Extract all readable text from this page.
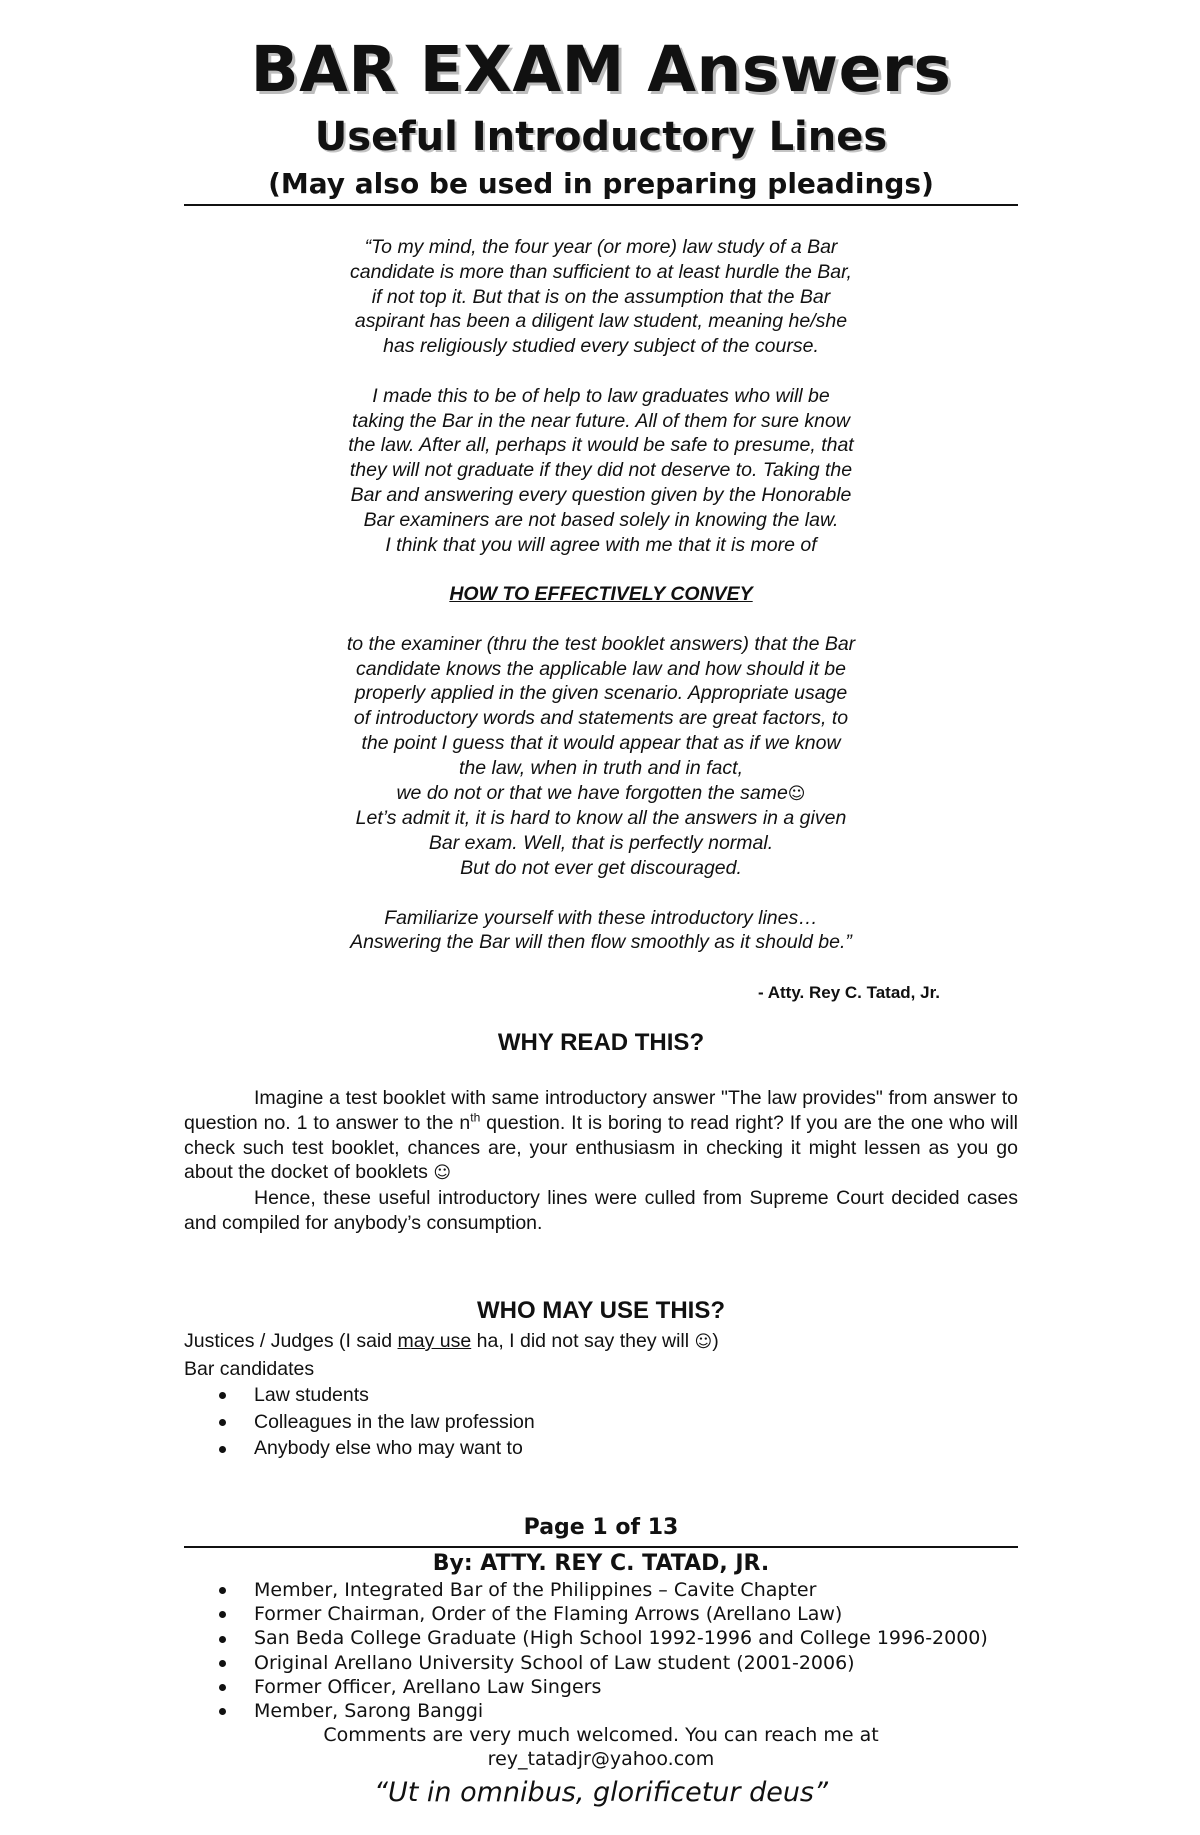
BAR EXAM Answers
Useful Introductory Lines
(May also be used in preparing pleadings)

“To my mind, the four year (or more) law study of a Bar
candidate is more than sufficient to at least hurdle the Bar,
if not top it. But that is on the assumption that the Bar
aspirant has been a diligent law student, meaning he/she
has religiously studied every subject of the course.

I made this to be of help to law graduates who will be
taking the Bar in the near future. All of them for sure know
the law. After all, perhaps it would be safe to presume, that
they will not graduate if they did not deserve to. Taking the
Bar and answering every question given by the Honorable
Bar examiners are not based solely in knowing the law.
I think that you will agree with me that it is more of

HOW TO EFFECTIVELY CONVEY

to the examiner (thru the test booklet answers) that the Bar
candidate knows the applicable law and how should it be
properly applied in the given scenario. Appropriate usage
of introductory words and statements are great factors, to
the point I guess that it would appear that as if we know
the law, when in truth and in fact,

we do not or that we have forgotten the same☺

Let’s admit it, it is hard to know all the answers in a given
Bar exam. Well, that is perfectly normal.
But do not ever get discouraged.

Familiarize yourself with these introductory lines…
Answering the Bar will then flow smoothly as it should be.”

- Atty. Rey C. Tatad, Jr.
WHY READ THIS?

Imagine a test booklet with same introductory answer "The law provides" from answer to question no. 1 to answer to the $n^{th}$ question. It is boring to read right? If you are the one who will check such test booklet, chances are, your enthusiasm in checking it might lessen as you go about the docket of booklets ☺

Hence, these useful introductory lines were culled from Supreme Court decided cases and compiled for anybody’s consumption.

WHO MAY USE THIS?
Justices / Judges (I said may use ha, I did not say they will ☺)
Bar candidates
Law students
Colleagues in the law profession
Anybody else who may want to
Page 1 of 13
By: ATTY. REY C. TATAD, JR.
Member, Integrated Bar of the Philippines – Cavite Chapter
Former Chairman, Order of the Flaming Arrows (Arellano Law)
San Beda College Graduate (High School 1992-1996 and College 1996-2000)
Original Arellano University School of Law student (2001-2006)
Former Officer, Arellano Law Singers
Member, Sarong Banggi
Comments are very much welcomed. You can reach me at
rey_tatadjr@yahoo.com
“Ut in omnibus, glorificetur deus”
